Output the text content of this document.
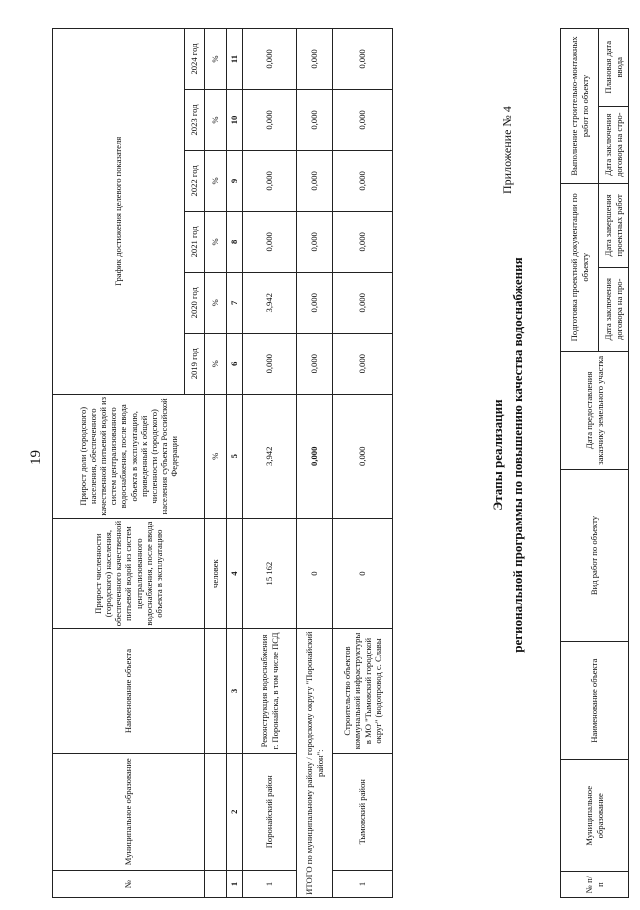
19
№	Муниципальное образование	Наименование объекта	Прирост численности (городского) населения, обеспеченного качественной питьевой водой из систем централизованного водоснабжения, после ввода объекта в эксплуатацию	Прирост доли (городского) населения, обеспеченного качественной питьевой водой из систем централизованного водоснабжения, после ввода объекта в эксплуатацию, приведенный к общей численности (городского) населения субъекта Российской Федерации	График достижения целевого показателя					
					2019 год	2020 год	2021 год	2022 год	2023 год	2024 год
			человек	%	%	%	%	%	%	%
1	2	3	4	5	6	7	8	9	10	11
1	Поронайский район	Реконструкция водоснабжения г. Поронайска, в том числе ПСД	15 162	3,942	0,000	3,942	0,000	0,000	0,000	0,000
ИТОГО по муниципальному району / городскому округу "Поронайский район":			0	0,000	0,000	0,000	0,000	0,000	0,000	0,000
1	Тымовский район	Строительство объектов коммунальной инфраструктуры в МО "Тымовский городской округ" (водопровод с. Славы	0	0,000	0,000	0,000	0,000	0,000	0,000	0,000
Приложение № 4
Этапы реализации региональной программы по повышению качества водоснабжения
№ п/п	Муниципальное образование	Наименование объекта	Вид работ по объекту	Дата предоставления заказчику земельного участка	Подготовка проектной документации по объекту		Выполнение строительно-монтажных работ по объекту	
					Дата заключения договора на про-	Дата завершения проектных работ	Дата заключения договора на стро-	Плановая дата ввода
